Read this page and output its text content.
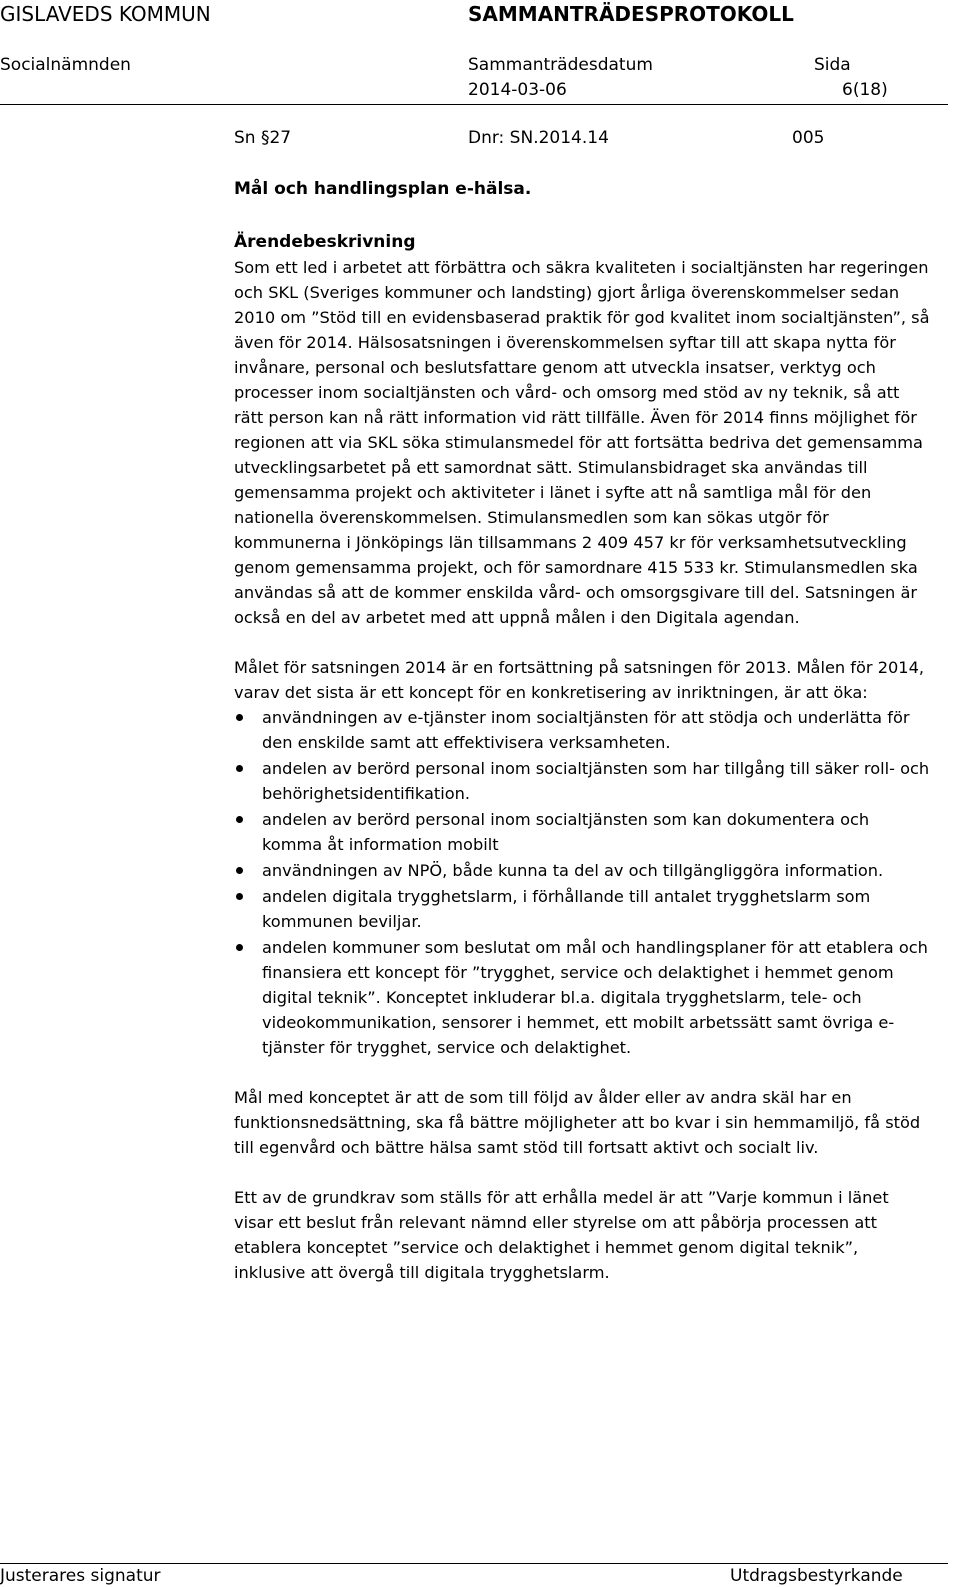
GISLAVEDS KOMMUN	SAMMANTRÄDESPROTOKOLL
Socialnämnden	Sammanträdesdatum	Sida
2014-03-06	6(18)
Sn §27	Dnr: SN.2014.14	005
Mål och handlingsplan e-hälsa.
Ärendebeskrivning

Som ett led i arbetet att förbättra och säkra kvaliteten i socialtjänsten har regeringen och SKL (Sveriges kommuner och landsting) gjort årliga överenskommelser sedan 2010 om ”Stöd till en evidensbaserad praktik för god kvalitet inom socialtjänsten”, så även för 2014. Hälsosatsningen i överenskommelsen syftar till att skapa nytta för invånare, personal och beslutsfattare genom att utveckla insatser, verktyg och processer inom socialtjänsten och vård- och omsorg med stöd av ny teknik, så att rätt person kan nå rätt information vid rätt tillfälle. Även för 2014 finns möjlighet för regionen att via SKL söka stimulansmedel för att fortsätta bedriva det gemensamma utvecklingsarbetet på ett samordnat sätt. Stimulansbidraget ska användas till gemensamma projekt och aktiviteter i länet i syfte att nå samtliga mål för den nationella överenskommelsen. Stimulansmedlen som kan sökas utgör för kommunerna i Jönköpings län tillsammans 2 409 457 kr för verksamhetsutveckling genom gemensamma projekt, och för samordnare 415 533 kr. Stimulansmedlen ska användas så att de kommer enskilda vård- och omsorgsgivare till del. Satsningen är också en del av arbetet med att uppnå målen i den Digitala agendan.

Målet för satsningen 2014 är en fortsättning på satsningen för 2013. Målen för 2014, varav det sista är ett koncept för en konkretisering av inriktningen, är att öka:

användningen av e-tjänster inom socialtjänsten för att stödja och underlätta för den enskilde samt att effektivisera verksamheten.
andelen av berörd personal inom socialtjänsten som har tillgång till säker roll- och behörighetsidentifikation.
andelen av berörd personal inom socialtjänsten som kan dokumentera och komma åt information mobilt
användningen av NPÖ, både kunna ta del av och tillgängliggöra information.
andelen digitala trygghetslarm, i förhållande till antalet trygghetslarm som kommunen beviljar.
andelen kommuner som beslutat om mål och handlingsplaner för att etablera och finansiera ett koncept för ”trygghet, service och delaktighet i hemmet genom digital teknik”. Konceptet inkluderar bl.a. digitala trygghetslarm, tele- och videokommunikation, sensorer i hemmet, ett mobilt arbetssätt samt övriga e-tjänster för trygghet, service och delaktighet.

Mål med konceptet är att de som till följd av ålder eller av andra skäl har en funktionsnedsättning, ska få bättre möjligheter att bo kvar i sin hemmamiljö, få stöd till egenvård och bättre hälsa samt stöd till fortsatt aktivt och socialt liv.

Ett av de grundkrav som ställs för att erhålla medel är att ”Varje kommun i länet visar ett beslut från relevant nämnd eller styrelse om att påbörja processen att etablera konceptet ”service och delaktighet i hemmet genom digital teknik”, inklusive att övergå till digitala trygghetslarm.

Justerares signatur	Utdragsbestyrkande
